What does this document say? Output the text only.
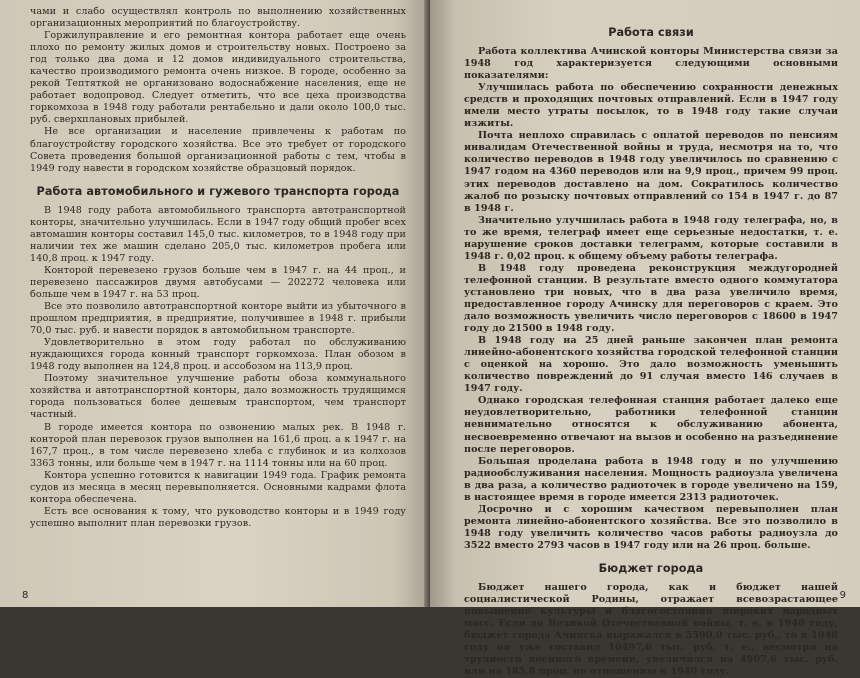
чами и слабо осуществлял контроль по выполнению хозяйственных организационных мероприятий по благоустройству.

Горжилуправление и его ремонтная контора работает еще очень плохо по ремонту жилых домов и строительству новых. Построено за год только два дома и 12 домов индивидуального строительства, качество производимого ремонта очень низкое. В городе, особенно за рекой Тептяткой не организовано водоснабжение населения, еще не работает водопровод. Следует отметить, что все цеха производства горкомхоза в 1948 году работали рентабельно и дали около 100,0 тыс. руб. сверхплановых прибылей.

Не все организации и население привлечены к работам по благоустройству городского хозяйства. Все это требует от городского Совета проведения большой организационной работы с тем, чтобы в 1949 году навести в городском хозяйстве образцовый порядок.

Работа автомобильного и гужевого транспорта города

В 1948 году работа автомобильного транспорта автотранспортной конторы, значительно улучшилась. Если в 1947 году общий пробег всех автомашин конторы составил 145,0 тыс. километров, то в 1948 году при наличии тех же машин сделано 205,0 тыс. километров пробега или 140,8 проц. к 1947 году.

Конторой перевезено грузов больше чем в 1947 г. на 44 проц., и перевезено пассажиров двумя автобусами — 202272 человека или больше чем в 1947 г. на 53 проц.

Все это позволило автотранспортной конторе выйти из убыточного в прошлом предприятия, в предприятие, получившее в 1948 г. прибыли 70,0 тыс. руб. и навести порядок в автомобильном транспорте.

Удовлетворительно в этом году работал по обслуживанию нуждающихся города конный транспорт горкомхоза. План обозом в 1948 году выполнен на 124,8 проц. и ассобозом на 113,9 проц.

Поэтому значительное улучшение работы обоза коммунального хозяйства и автотранспортной конторы, дало возможность трудящимся города пользоваться более дешевым транспортом, чем транспорт частный.

В городе имеется контора по озвонению малых рек. В 1948 г. конторой план перевозок грузов выполнен на 161,6 проц. а к 1947 г. на 167,7 проц., в том числе перевезено хлеба с глубинок и из колхозов 3363 тонны, или больше чем в 1947 г. на 1114 тонны или на 60 проц.

Контора успешно готовится к навигации 1949 года. График ремонта судов из месяца в месяц перевыполняется. Основными кадрами флота контора обеспечена.

Есть все основания к тому, что руководство конторы и в 1949 году успешно выполнит план перевозки грузов.

8
Работа связи

Работа коллектива Ачинской конторы Министерства связи за 1948 год характеризуется следующими основными показателями:

Улучшилась работа по обеспечению сохранности денежных средств и проходящих почтовых отправлений. Если в 1947 году имели место утраты посылок, то в 1948 году такие случаи изжиты.

Почта неплохо справилась с оплатой переводов по пенсиям инвалидам Отечественной войны и труда, несмотря на то, что количество переводов в 1948 году увеличилось по сравнению с 1947 годом на 4360 переводов или на 9,9 проц., причем 99 проц. этих переводов доставлено на дом. Сократилось количество жалоб по розыску почтовых отправлений со 154 в 1947 г. до 87 в 1948 г.

Значительно улучшилась работа в 1948 году телеграфа, но, в то же время, телеграф имеет еще серьезные недостатки, т. е. нарушение сроков доставки телеграмм, которые составили в 1948 г. 0,02 проц. к общему объему работы телеграфа.

В 1948 году проведена реконструкция междугородней телефонной станции. В результате вместо одного коммутатора установлено три новых, что в два раза увеличило время, предоставленное городу Ачинску для переговоров с краем. Это дало возможность увеличить число переговоров с 18600 в 1947 году до 21500 в 1948 году.

В 1948 году на 25 дней раньше закончен план ремонта линейно-абонентского хозяйства городской телефонной станции с оценкой на хорошо. Это дало возможность уменьшить количество повреждений до 91 случая вместо 146 случаев в 1947 году.

Однако городская телефонная станция работает далеко еще неудовлетворительно, работники телефонной станции невнимательно относятся к обслуживанию абонента, несвоевременно отвечают на вызов и особенно на разъединение после переговоров.

Большая проделана работа в 1948 году и по улучшению радиообслуживания населения. Мощность радиоузла увеличена в два раза, а количество радиоточек в городе увеличено на 159, в настоящее время в городе имеется 2313 радиоточек.

Досрочно и с хорошим качеством перевыполнен план ремонта линейно-абонентского хозяйства. Все это позволило в 1948 году увеличить количество часов работы радиоузла до 3522 вместо 2793 часов в 1947 году или на 26 проц. больше.

Бюджет города

Бюджет нашего города, как и бюджет нашей социалистической Родины, отражает всевозрастающее повышение культуры и благосостояния широких народных масс. Если до Великой Отечественной войны, т. е. в 1940 году, бюджет города Ачинска выражался в 5590,0 тыс. руб., то в 1948 году он уже составил 10497,6 тыс. руб. т. е., несмотря на трудности военного времени, увеличился на 4907,6 тыс. руб. или на 185,8 проц. по отношению к 1940 году.

9
